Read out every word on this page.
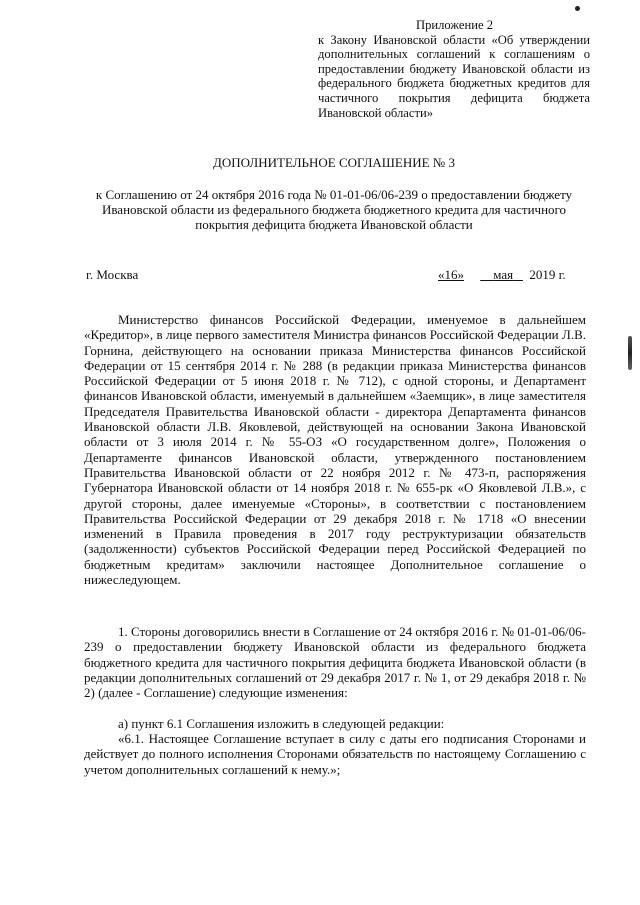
Приложение 2
к Закону Ивановской области «Об утверждении дополнительных соглашений к соглашениям о предоставлении бюджету Ивановской области из федерального бюджета бюджетных кредитов для частичного покрытия дефицита бюджета Ивановской области»
ДОПОЛНИТЕЛЬНОЕ СОГЛАШЕНИЕ № 3
к Соглашению от 24 октября 2016 года № 01-01-06/06-239 о предоставлении бюджету Ивановской области из федерального бюджета бюджетного кредита для частичного покрытия дефицита бюджета Ивановской области
г. Москва	«16» мая 2019 г.
Министерство финансов Российской Федерации, именуемое в дальнейшем «Кредитор», в лице первого заместителя Министра финансов Российской Федерации Л.В. Горнина, действующего на основании приказа Министерства финансов Российской Федерации от 15 сентября 2014 г. № 288 (в редакции приказа Министерства финансов Российской Федерации от 5 июня 2018 г. № 712), с одной стороны, и Департамент финансов Ивановской области, именуемый в дальнейшем «Заемщик», в лице заместителя Председателя Правительства Ивановской области - директора Департамента финансов Ивановской области Л.В. Яковлевой, действующей на основании Закона Ивановской области от 3 июля 2014 г. № 55-ОЗ «О государственном долге», Положения о Департаменте финансов Ивановской области, утвержденного постановлением Правительства Ивановской области от 22 ноября 2012 г. № 473-п, распоряжения Губернатора Ивановской области от 14 ноября 2018 г. № 655-рк «О Яковлевой Л.В.», с другой стороны, далее именуемые «Стороны», в соответствии с постановлением Правительства Российской Федерации от 29 декабря 2018 г. № 1718 «О внесении изменений в Правила проведения в 2017 году реструктуризации обязательств (задолженности) субъектов Российской Федерации перед Российской Федерацией по бюджетным кредитам» заключили настоящее Дополнительное соглашение о нижеследующем.
1. Стороны договорились внести в Соглашение от 24 октября 2016 г. № 01-01-06/06-239 о предоставлении бюджету Ивановской области из федерального бюджета бюджетного кредита для частичного покрытия дефицита бюджета Ивановской области (в редакции дополнительных соглашений от 29 декабря 2017 г. № 1, от 29 декабря 2018 г. № 2) (далее - Соглашение) следующие изменения:
а) пункт 6.1 Соглашения изложить в следующей редакции:
«6.1. Настоящее Соглашение вступает в силу с даты его подписания Сторонами и действует до полного исполнения Сторонами обязательств по настоящему Соглашению с учетом дополнительных соглашений к нему.»;
